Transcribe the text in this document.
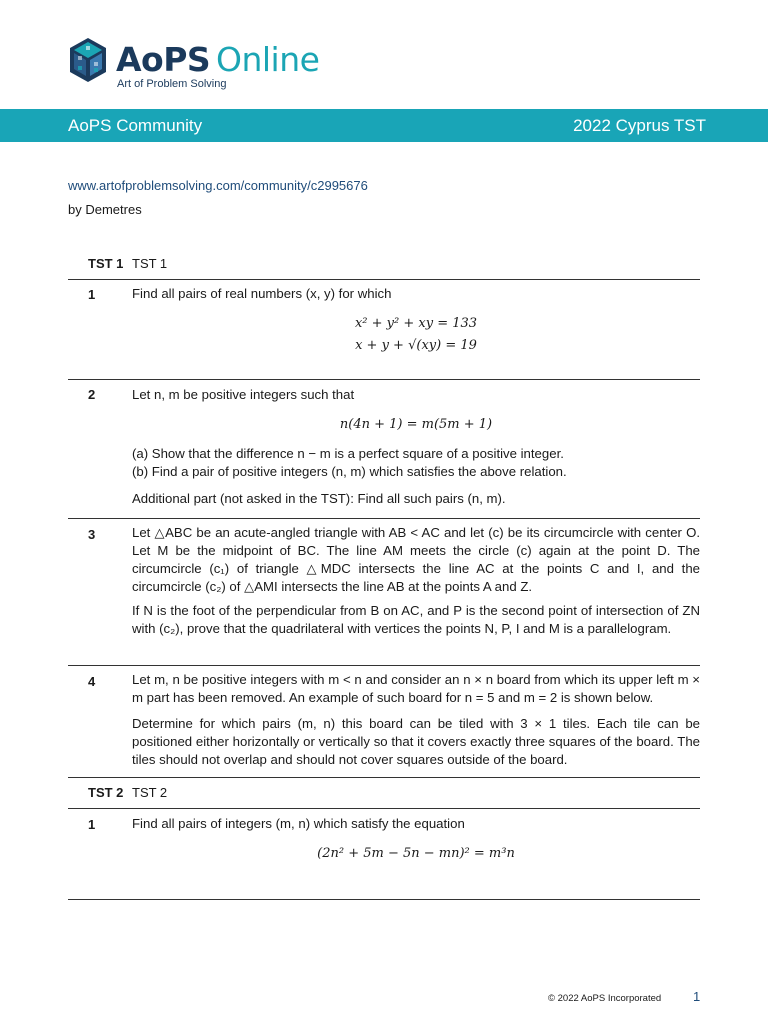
AoPS Online
Art of Problem Solving
AoPS Community	2022 Cyprus TST
www.artofproblemsolving.com/community/c2995676
by Demetres
TST 1 TST 1
1	Find all pairs of real numbers (x, y) for which
x² + y² + xy = 133
x + y + √(xy) = 19
2	Let n, m be positive integers such that
n(4n + 1) = m(5m + 1)
(a) Show that the difference n − m is a perfect square of a positive integer.
(b) Find a pair of positive integers (n, m) which satisfies the above relation.
Additional part (not asked in the TST): Find all such pairs (n, m).
3	Let △ABC be an acute-angled triangle with AB < AC and let (c) be its circumcircle with center O. Let M be the midpoint of BC. The line AM meets the circle (c) again at the point D. The circumcircle (c₁) of triangle △MDC intersects the line AC at the points C and I, and the circumcircle (c₂) of △AMI intersects the line AB at the points A and Z.
If N is the foot of the perpendicular from B on AC, and P is the second point of intersection of ZN with (c₂), prove that the quadrilateral with vertices the points N, P, I and M is a parallelogram.
4	Let m, n be positive integers with m < n and consider an n × n board from which its upper left m × m part has been removed. An example of such board for n = 5 and m = 2 is shown below.
Determine for which pairs (m, n) this board can be tiled with 3 × 1 tiles. Each tile can be positioned either horizontally or vertically so that it covers exactly three squares of the board. The tiles should not overlap and should not cover squares outside of the board.
TST 2 TST 2
1	Find all pairs of integers (m, n) which satisfy the equation
(2n² + 5m − 5n − mn)² = m³n
© 2022 AoPS Incorporated 1
